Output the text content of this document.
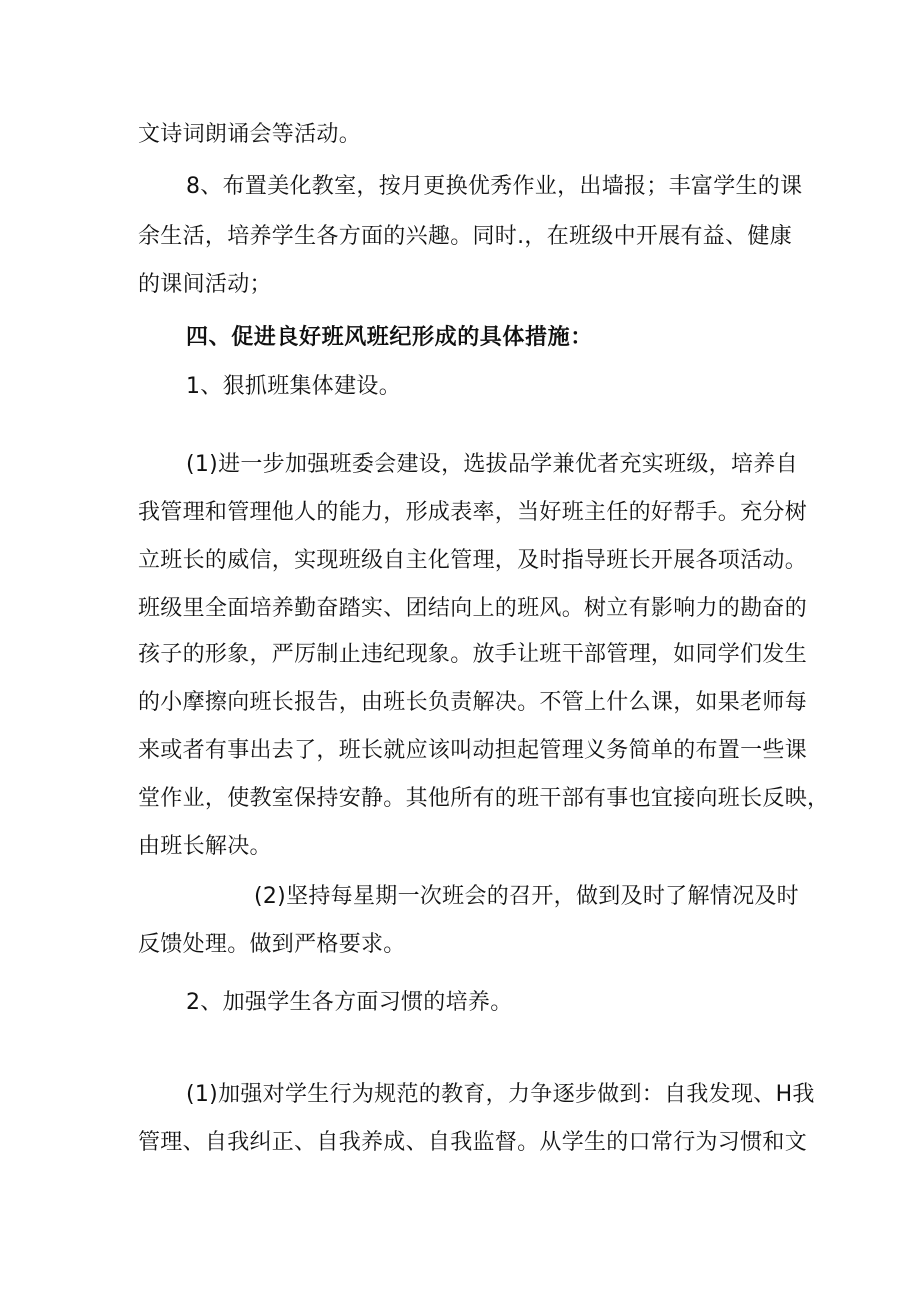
文诗词朗诵会等活动。
8、布置美化教室，按月更换优秀作业，出墙报；丰富学生的课
余生活，培养学生各方面的兴趣。同时.，在班级中开展有益、健康
的课间活动；
四、促进良好班风班纪形成的具体措施：
1、狠抓班集体建设。
(1)进一步加强班委会建设，选拔品学兼优者充实班级，培养自
我管理和管理他人的能力，形成表率，当好班主任的好帮手。充分树
立班长的威信，实现班级自主化管理，及时指导班长开展各项活动。
班级里全面培养勤奋踏实、团结向上的班风。树立有影响力的勘奋的
孩子的形象，严厉制止违纪现象。放手让班干部管理，如同学们发生
的小摩擦向班长报告，由班长负责解决。不管上什么课，如果老师每
来或者有事出去了，班长就应该叫动担起管理义务简单的布置一些课
堂作业，使教室保持安静。其他所有的班干部有事也宜接向班长反映，
由班长解决。
(2)坚持每星期一次班会的召开，做到及时了解情况及时
反馈处理。做到严格要求。
2、加强学生各方面习惯的培养。
(1)加强对学生行为规范的教育，力争逐步做到：自我发现、H我
管理、自我纠正、自我养成、自我监督。从学生的口常行为习惯和文
